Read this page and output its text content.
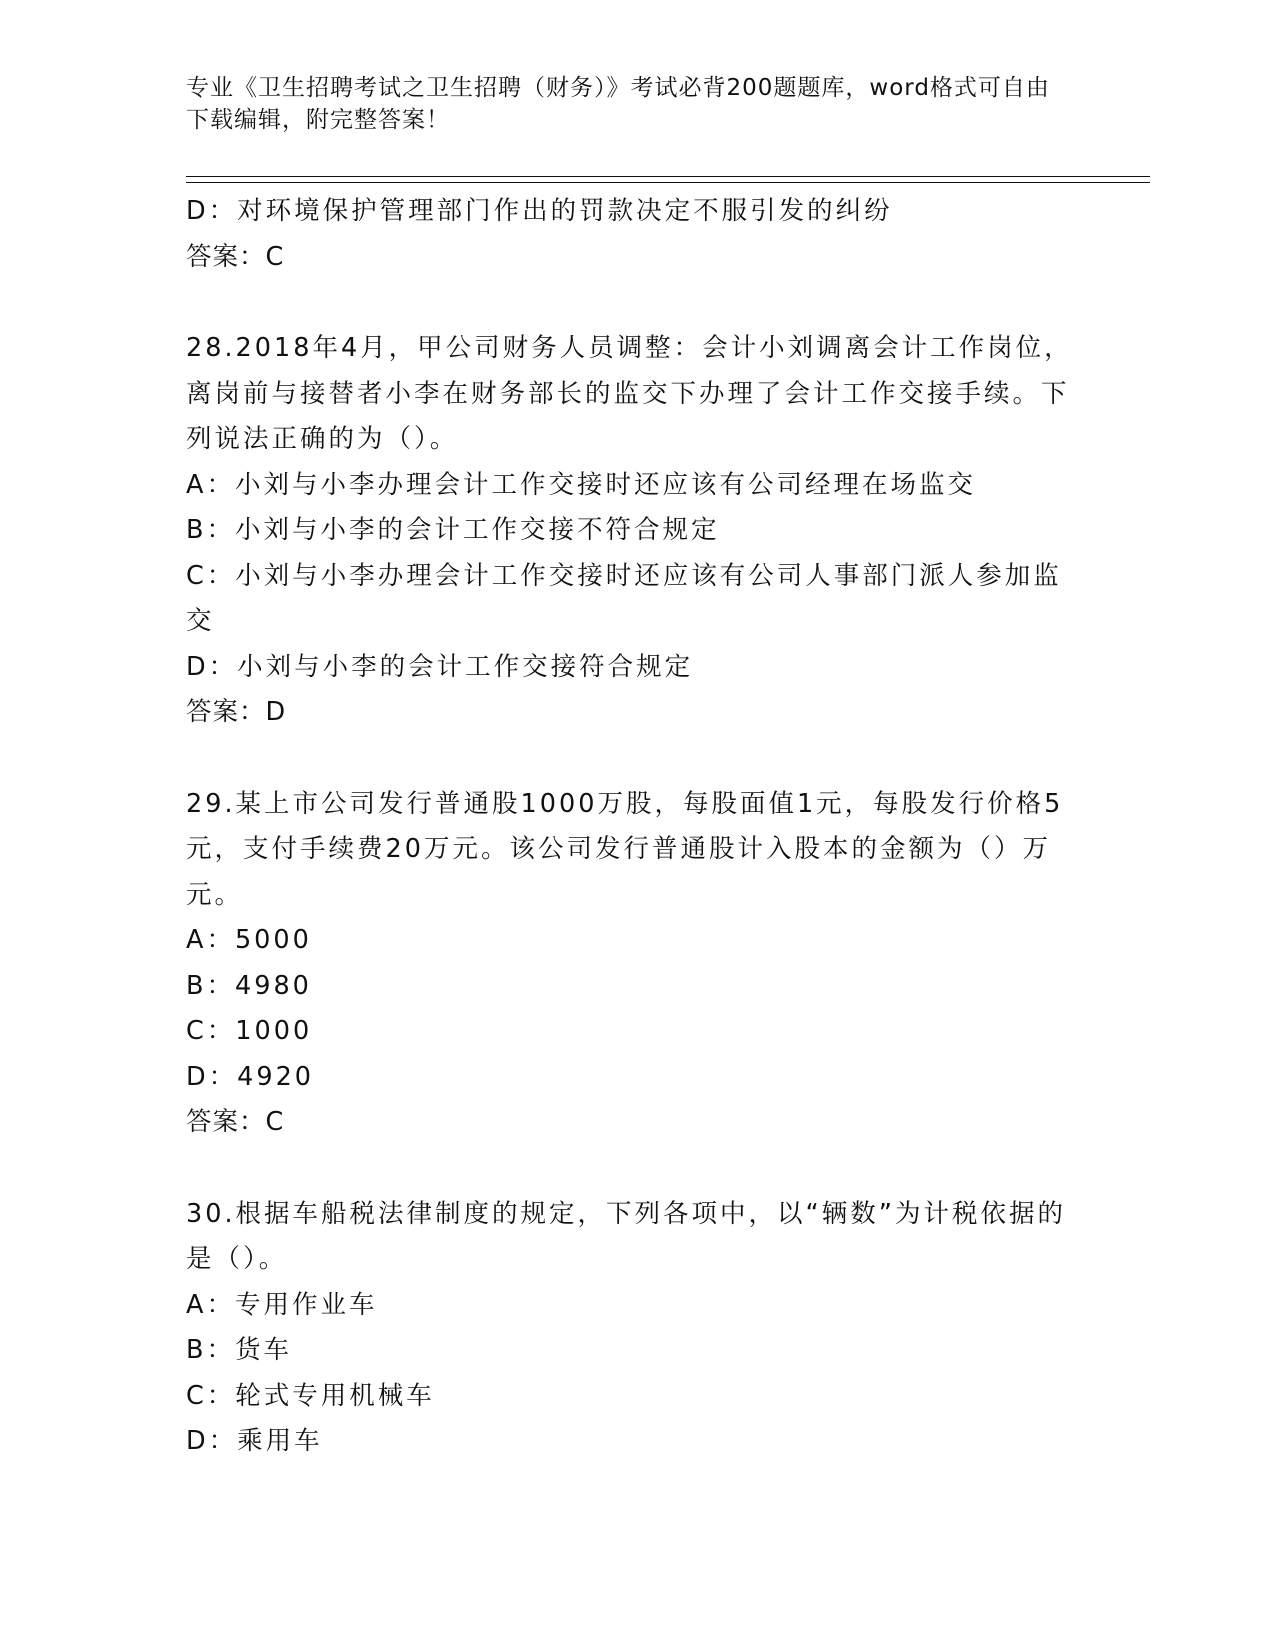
专业《卫生招聘考试之卫生招聘（财务）》考试必背200题题库，word格式可自由下载编辑，附完整答案！

D：对环境保护管理部门作出的罚款决定不服引发的纠纷

答案：C

28.2018年4月，甲公司财务人员调整：会计小刘调离会计工作岗位，离岗前与接替者小李在财务部长的监交下办理了会计工作交接手续。下列说法正确的为（）。

A：小刘与小李办理会计工作交接时还应该有公司经理在场监交

B：小刘与小李的会计工作交接不符合规定

C：小刘与小李办理会计工作交接时还应该有公司人事部门派人参加监交

D：小刘与小李的会计工作交接符合规定

答案：D

29.某上市公司发行普通股1000万股，每股面值1元，每股发行价格5元，支付手续费20万元。该公司发行普通股计入股本的金额为（）万元。

A：5000

B：4980

C：1000

D：4920

答案：C

30.根据车船税法律制度的规定，下列各项中，以“辆数”为计税依据的是（）。

A：专用作业车

B：货车

C：轮式专用机械车

D：乘用车
